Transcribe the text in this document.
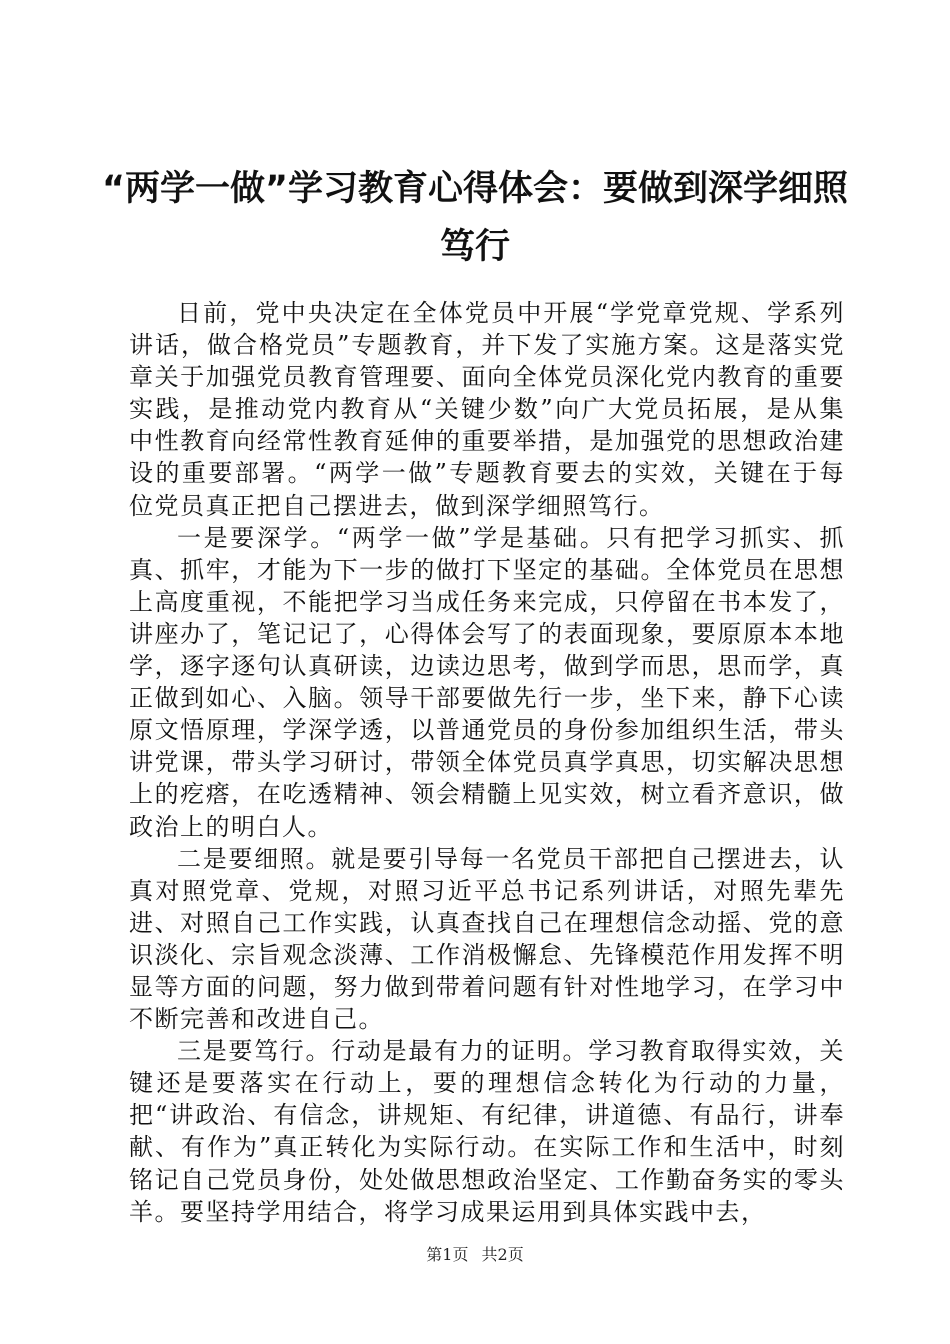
“两学一做”学习教育心得体会：要做到深学细照笃行

日前，党中央决定在全体党员中开展“学党章党规、学系列讲话，做合格党员”专题教育，并下发了实施方案。这是落实党章关于加强党员教育管理要、面向全体党员深化党内教育的重要实践，是推动党内教育从“关键少数”向广大党员拓展，是从集中性教育向经常性教育延伸的重要举措，是加强党的思想政治建设的重要部署。“两学一做”专题教育要去的实效，关键在于每位党员真正把自己摆进去，做到深学细照笃行。

一是要深学。“两学一做”学是基础。只有把学习抓实、抓真、抓牢，才能为下一步的做打下坚定的基础。全体党员在思想上高度重视，不能把学习当成任务来完成，只停留在书本发了，讲座办了，笔记记了，心得体会写了的表面现象，要原原本本地学，逐字逐句认真研读，边读边思考，做到学而思，思而学，真正做到如心、入脑。领导干部要做先行一步，坐下来，静下心读原文悟原理，学深学透，以普通党员的身份参加组织生活，带头讲党课，带头学习研讨，带领全体党员真学真思，切实解决思想上的疙瘩，在吃透精神、领会精髓上见实效，树立看齐意识，做政治上的明白人。

二是要细照。就是要引导每一名党员干部把自己摆进去，认真对照党章、党规，对照习近平总书记系列讲话，对照先辈先进、对照自己工作实践，认真查找自己在理想信念动摇、党的意识淡化、宗旨观念淡薄、工作消极懈怠、先锋模范作用发挥不明显等方面的问题，努力做到带着问题有针对性地学习，在学习中不断完善和改进自己。

三是要笃行。行动是最有力的证明。学习教育取得实效，关键还是要落实在行动上，要的理想信念转化为行动的力量，把“讲政治、有信念，讲规矩、有纪律，讲道德、有品行，讲奉献、有作为”真正转化为实际行动。在实际工作和生活中，时刻铭记自己党员身份，处处做思想政治坚定、工作勤奋务实的零头羊。要坚持学用结合，将学习成果运用到具体实践中去，

第1页 共2页
